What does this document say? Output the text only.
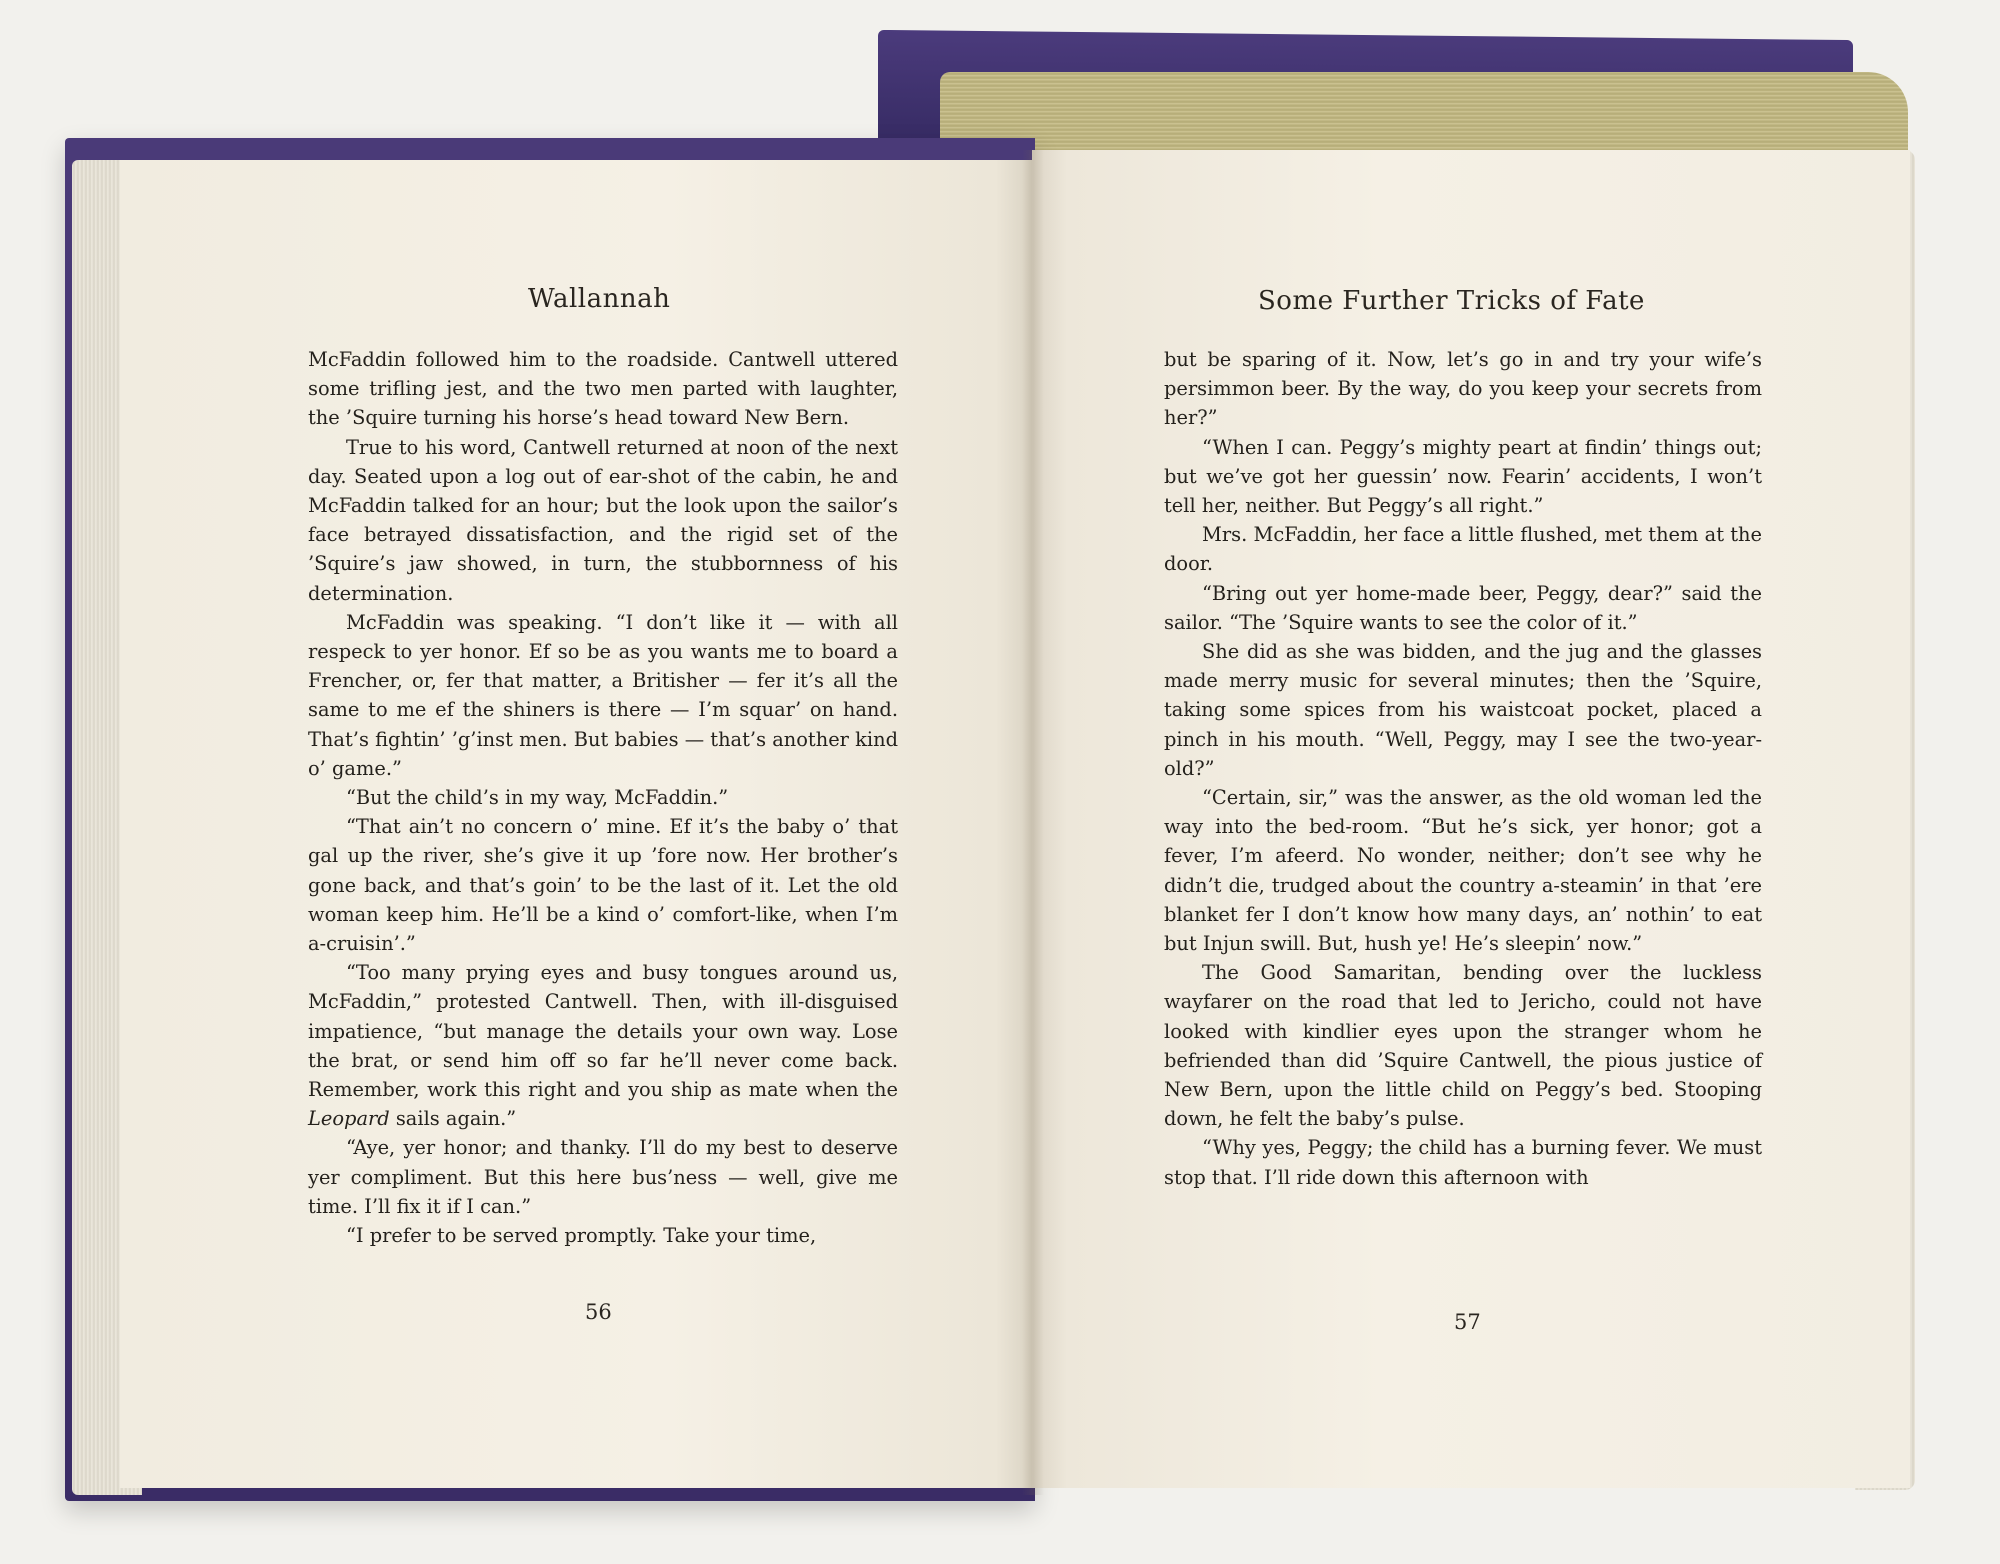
Wallannah

McFaddin followed him to the roadside. Cantwell uttered some trifling jest, and the two men parted with laughter, the ’Squire turning his horse’s head toward New Bern.

True to his word, Cantwell returned at noon of the next day. Seated upon a log out of ear-shot of the cabin, he and McFaddin talked for an hour; but the look upon the sailor’s face betrayed dissatisfaction, and the rigid set of the ’Squire’s jaw showed, in turn, the stubbornness of his determination.

McFaddin was speaking. “I don’t like it — with all respeck to yer honor. Ef so be as you wants me to board a Frencher, or, fer that matter, a Britisher — fer it’s all the same to me ef the shiners is there — I’m squar’ on hand. That’s fightin’ ’g’inst men. But babies — that’s another kind o’ game.”

“But the child’s in my way, McFaddin.”

“That ain’t no concern o’ mine. Ef it’s the baby o’ that gal up the river, she’s give it up ’fore now. Her brother’s gone back, and that’s goin’ to be the last of it. Let the old woman keep him. He’ll be a kind o’ comfort-like, when I’m a-cruisin’.”

“Too many prying eyes and busy tongues around us, McFaddin,” protested Cantwell. Then, with ill-disguised impatience, “but manage the details your own way. Lose the brat, or send him off so far he’ll never come back. Remember, work this right and you ship as mate when the Leopard sails again.”

“Aye, yer honor; and thanky. I’ll do my best to deserve yer compliment. But this here bus’ness — well, give me time. I’ll fix it if I can.”

“I prefer to be served promptly. Take your time,

56
Some Further Tricks of Fate

but be sparing of it. Now, let’s go in and try your wife’s persimmon beer. By the way, do you keep your secrets from her?”

“When I can. Peggy’s mighty peart at findin’ things out; but we’ve got her guessin’ now. Fearin’ accidents, I won’t tell her, neither. But Peggy’s all right.”

Mrs. McFaddin, her face a little flushed, met them at the door.

“Bring out yer home-made beer, Peggy, dear?” said the sailor. “The ’Squire wants to see the color of it.”

She did as she was bidden, and the jug and the glasses made merry music for several minutes; then the ’Squire, taking some spices from his waistcoat pocket, placed a pinch in his mouth. “Well, Peggy, may I see the two-year-old?”

“Certain, sir,” was the answer, as the old woman led the way into the bed-room. “But he’s sick, yer honor; got a fever, I’m afeerd. No wonder, neither; don’t see why he didn’t die, trudged about the country a-steamin’ in that ’ere blanket fer I don’t know how many days, an’ nothin’ to eat but Injun swill. But, hush ye! He’s sleepin’ now.”

The Good Samaritan, bending over the luckless wayfarer on the road that led to Jericho, could not have looked with kindlier eyes upon the stranger whom he befriended than did ’Squire Cantwell, the pious justice of New Bern, upon the little child on Peggy’s bed. Stooping down, he felt the baby’s pulse.

“Why yes, Peggy; the child has a burning fever. We must stop that. I’ll ride down this afternoon with

57
